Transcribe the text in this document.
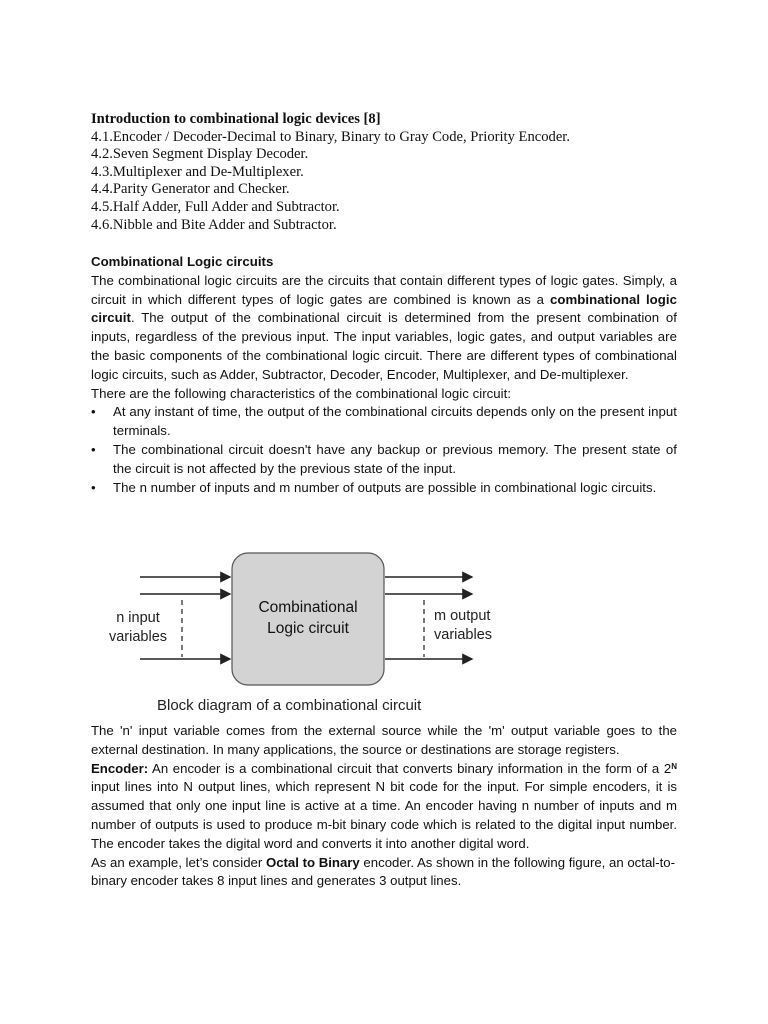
Introduction to combinational logic devices [8]
4.1.Encoder / Decoder-Decimal to Binary, Binary to Gray Code, Priority Encoder.
4.2.Seven Segment Display Decoder.
4.3.Multiplexer and De-Multiplexer.
4.4.Parity Generator and Checker.
4.5.Half Adder, Full Adder and Subtractor.
4.6.Nibble and Bite Adder and Subtractor.

Combinational Logic circuits

The combinational logic circuits are the circuits that contain different types of logic gates. Simply, a circuit in which different types of logic gates are combined is known as a combinational logic circuit. The output of the combinational circuit is determined from the present combination of inputs, regardless of the previous input. The input variables, logic gates, and output variables are the basic components of the combinational logic circuit. There are different types of combinational logic circuits, such as Adder, Subtractor, Decoder, Encoder, Multiplexer, and De-multiplexer.

There are the following characteristics of the combinational logic circuit:

• At any instant of time, the output of the combinational circuits depends only on the present input terminals.
• The combinational circuit doesn't have any backup or previous memory. The present state of the circuit is not affected by the previous state of the input.
• The n number of inputs and m number of outputs are possible in combinational logic circuits.
Combinational
Logic circuit
n input
variables
m output
variables
Block diagram of a combinational circuit

The 'n' input variable comes from the external source while the 'm' output variable goes to the external destination. In many applications, the source or destinations are storage registers.

Encoder: An encoder is a combinational circuit that converts binary information in the form of a $2^N$ input lines into N output lines, which represent N bit code for the input. For simple encoders, it is assumed that only one input line is active at a time. An encoder having n number of inputs and m number of outputs is used to produce m-bit binary code which is related to the digital input number. The encoder takes the digital word and converts it into another digital word.

As an example, let’s consider Octal to Binary encoder. As shown in the following figure, an octal-to-binary encoder takes 8 input lines and generates 3 output lines.
